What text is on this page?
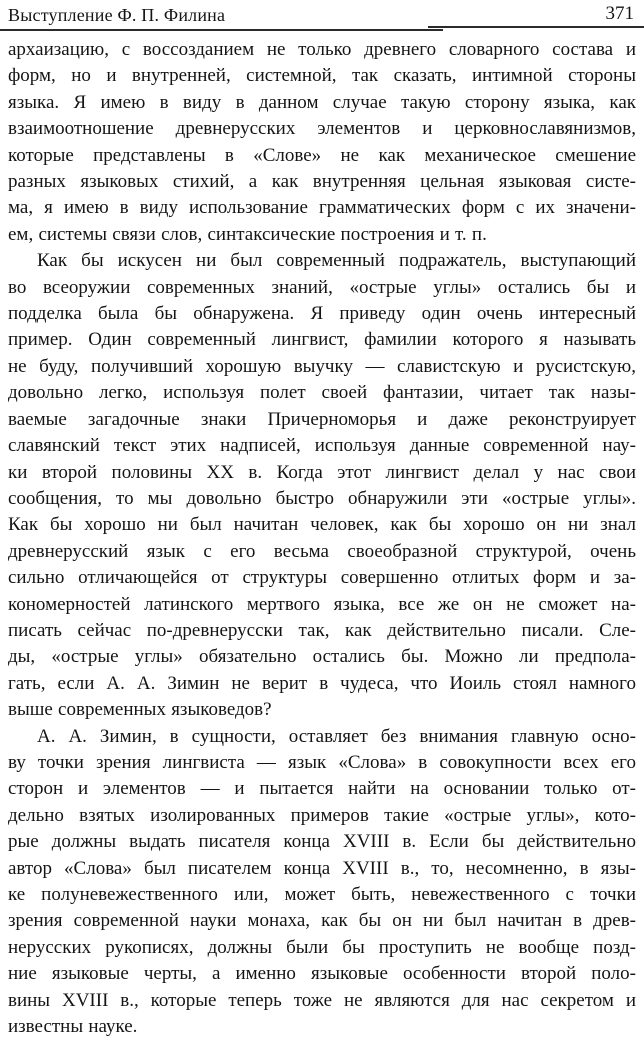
Выступление Ф. П. Филина	371
архаизацию, с воссозданием не только древнего словарного состава и
форм, но и внутренней, системной, так сказать, интимной стороны
языка. Я имею в виду в данном случае такую сторону языка, как
взаимоотношение древнерусских элементов и церковнославянизмов,
которые представлены в «Слове» не как механическое смешение
разных языковых стихий, а как внутренняя цельная языковая систе-
ма, я имею в виду использование грамматических форм с их значени-
ем, системы связи слов, синтаксические построения и т. п.
Как бы искусен ни был современный подражатель, выступающий
во всеоружии современных знаний, «острые углы» остались бы и
подделка была бы обнаружена. Я приведу один очень интересный
пример. Один современный лингвист, фамилии которого я называть
не буду, получивший хорошую выучку — славистскую и русистскую,
довольно легко, используя полет своей фантазии, читает так назы-
ваемые загадочные знаки Причерноморья и даже реконструирует
славянский текст этих надписей, используя данные современной нау-
ки второй половины XX в. Когда этот лингвист делал у нас свои
сообщения, то мы довольно быстро обнаружили эти «острые углы».
Как бы хорошо ни был начитан человек, как бы хорошо он ни знал
древнерусский язык с его весьма своеобразной структурой, очень
сильно отличающейся от структуры совершенно отлитых форм и за-
кономерностей латинского мертвого языка, все же он не сможет на-
писать сейчас по-древнерусски так, как действительно писали. Сле-
ды, «острые углы» обязательно остались бы. Можно ли предпола-
гать, если А. А. Зимин не верит в чудеса, что Иоиль стоял намного
выше современных языковедов?
А. А. Зимин, в сущности, оставляет без внимания главную осно-
ву точки зрения лингвиста — язык «Слова» в совокупности всех его
сторон и элементов — и пытается найти на основании только от-
дельно взятых изолированных примеров такие «острые углы», кото-
рые должны выдать писателя конца XVIII в. Если бы действительно
автор «Слова» был писателем конца XVIII в., то, несомненно, в язы-
ке полуневежественного или, может быть, невежественного с точки
зрения современной науки монаха, как бы он ни был начитан в древ-
нерусских рукописях, должны были бы проступить не вообще позд-
ние языковые черты, а именно языковые особенности второй поло-
вины XVIII в., которые теперь тоже не являются для нас секретом и
известны науке.
